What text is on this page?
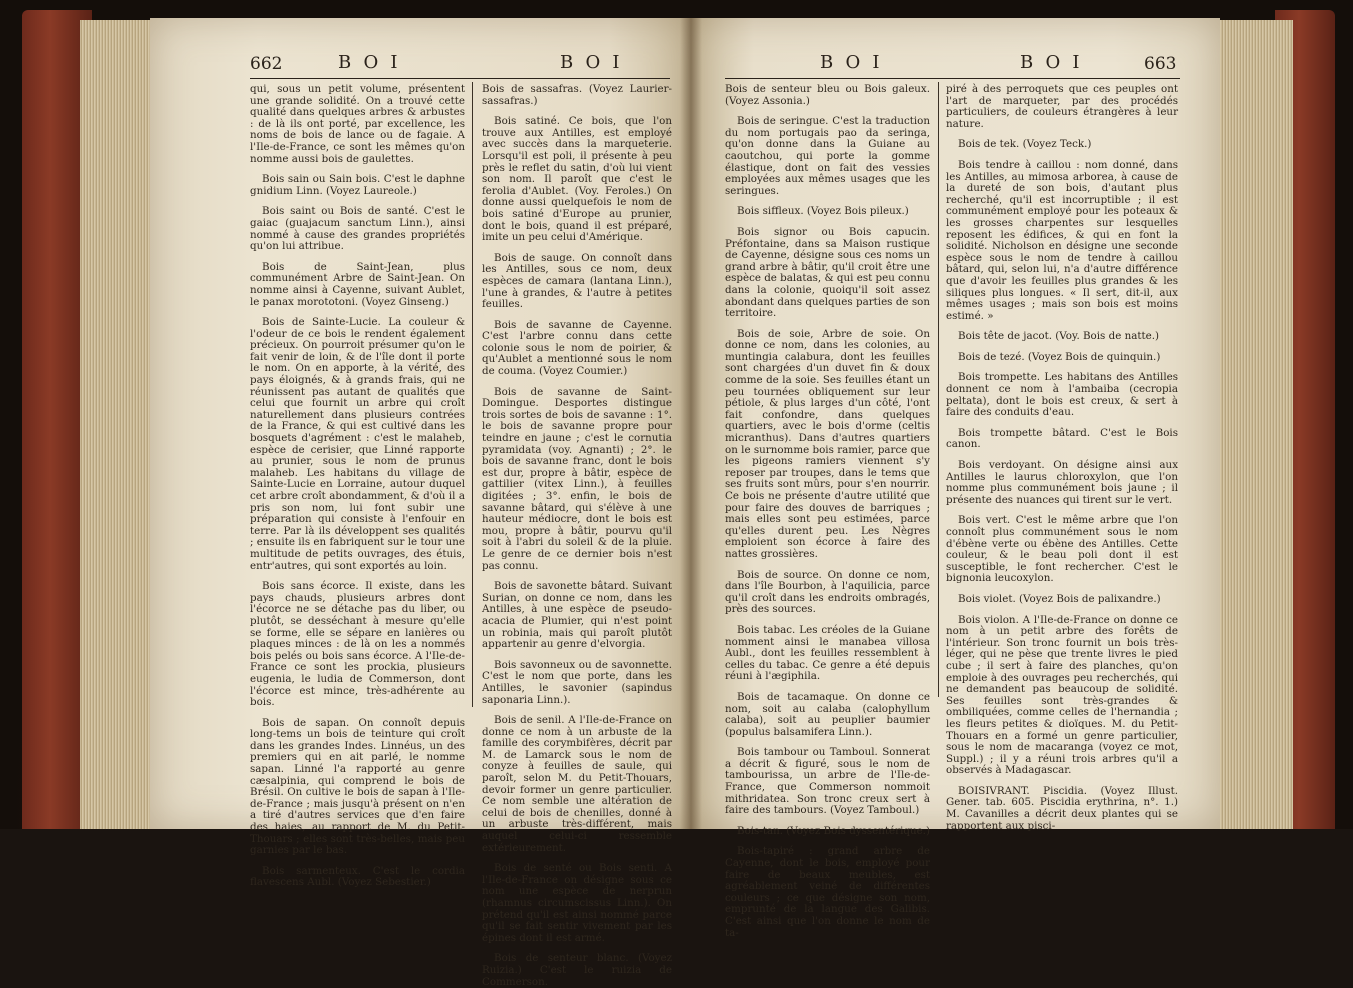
662	BOI	BOI

qui, sous un petit volume, présentent une grande solidité. On a trouvé cette qualité dans quelques arbres & arbustes : de là ils ont porté, par excellence, les noms de bois de lance ou de fagaie. A l'Ile-de-France, ce sont les mêmes qu'on nomme aussi bois de gaulettes.

Bois sain ou Sain bois. C'est le daphne gnidium Linn. (Voyez Laureole.)

Bois saint ou Bois de santé. C'est le gaiac (guajacum sanctum Linn.), ainsi nommé à cause des grandes propriétés qu'on lui attribue.

Bois de Saint-Jean, plus communément Arbre de Saint-Jean. On nomme ainsi à Cayenne, suivant Aublet, le panax morototoni. (Voyez Ginseng.)

Bois de Sainte-Lucie. La couleur & l'odeur de ce bois le rendent également précieux. On pourroit présumer qu'on le fait venir de loin, & de l'île dont il porte le nom. On en apporte, à la vérité, des pays éloignés, & à grands frais, qui ne réunissent pas autant de qualités que celui que fournit un arbre qui croît naturellement dans plusieurs contrées de la France, & qui est cultivé dans les bosquets d'agrément : c'est le malaheb, espèce de cerisier, que Linné rapporte au prunier, sous le nom de prunus malaheb. Les habitans du village de Sainte-Lucie en Lorraine, autour duquel cet arbre croît abondamment, & d'où il a pris son nom, lui font subir une préparation qui consiste à l'enfouir en terre. Par là ils développent ses qualités ; ensuite ils en fabriquent sur le tour une multitude de petits ouvrages, des étuis, entr'autres, qui sont exportés au loin.

Bois sans écorce. Il existe, dans les pays chauds, plusieurs arbres dont l'écorce ne se détache pas du liber, ou plutôt, se desséchant à mesure qu'elle se forme, elle se sépare en lanières ou plaques minces : de là on les a nommés bois pelés ou bois sans écorce. A l'Ile-de-France ce sont les prockia, plusieurs eugenia, le ludia de Commerson, dont l'écorce est mince, très-adhérente au bois.

Bois de sapan. On connoît depuis long-tems un bois de teinture qui croît dans les grandes Indes. Linnéus, un des premiers qui en ait parlé, le nomme sapan. Linné l'a rapporté au genre cæsalpinia, qui comprend le bois de Brésil. On cultive le bois de sapan à l'Ile-de-France ; mais jusqu'à présent on n'en a tiré d'autres services que d'en faire des haies, au rapport de M. du Petit-Thouars ; elles sont très-belles, mais peu garnies par le bas.

Bois sarmenteux. C'est le cordia flavescens Aubl. (Voyez Sebestier.)

Bois de sassafras. (Voyez Laurier-sassafras.)

Bois satiné. Ce bois, que l'on trouve aux Antilles, est employé avec succès dans la marqueterie. Lorsqu'il est poli, il présente à peu près le reflet du satin, d'où lui vient son nom. Il paroît que c'est le ferolia d'Aublet. (Voy. Feroles.) On donne aussi quelquefois le nom de bois satiné d'Europe au prunier, dont le bois, quand il est préparé, imite un peu celui d'Amérique.

Bois de sauge. On connoît dans les Antilles, sous ce nom, deux espèces de camara (lantana Linn.), l'une à grandes, & l'autre à petites feuilles.

Bois de savanne de Cayenne. C'est l'arbre connu dans cette colonie sous le nom de poirier, & qu'Aublet a mentionné sous le nom de couma. (Voyez Coumier.)

Bois de savanne de Saint-Domingue. Desportes distingue trois sortes de bois de savanne : 1°. le bois de savanne propre pour teindre en jaune ; c'est le cornutia pyramidata (voy. Agnanti) ; 2°. le bois de savanne franc, dont le bois est dur, propre à bâtir, espèce de gattilier (vitex Linn.), à feuilles digitées ; 3°. enfin, le bois de savanne bâtard, qui s'élève à une hauteur médiocre, dont le bois est mou, propre à bâtir, pourvu qu'il soit à l'abri du soleil & de la pluie. Le genre de ce dernier bois n'est pas connu.

Bois de savonette bâtard. Suivant Surian, on donne ce nom, dans les Antilles, à une espèce de pseudo-acacia de Plumier, qui n'est point un robinia, mais qui paroît plutôt appartenir au genre d'elvorgia.

Bois savonneux ou de savonnette. C'est le nom que porte, dans les Antilles, le savonier (sapindus saponaria Linn.).

Bois de senil. A l'Ile-de-France on donne ce nom à un arbuste de la famille des corymbifères, décrit par M. de Lamarck sous le nom de conyze à feuilles de saule, qui paroît, selon M. du Petit-Thouars, devoir former un genre particulier. Ce nom semble une altération de celui de bois de chenilles, donné à un arbuste très-différent, mais auquel celui-ci ressemble extérieurement.

Bois de senté ou Bois senti. A l'Ile-de-France on désigne sous ce nom une espèce de nerprun (rhamnus circumscissus Linn.). On prétend qu'il est ainsi nommé parce qu'il se fait sentir vivement par les épines dont il est armé.

Bois de senteur blanc. (Voyez Ruizia.) C'est le ruizia de Commerson.

BOI	BOI	663

Bois de senteur bleu ou Bois galeux. (Voyez Assonia.)

Bois de seringue. C'est la traduction du nom portugais pao da seringa, qu'on donne dans la Guiane au caoutchou, qui porte la gomme élastique, dont on fait des vessies employées aux mêmes usages que les seringues.

Bois siffleux. (Voyez Bois pileux.)

Bois signor ou Bois capucin. Préfontaine, dans sa Maison rustique de Cayenne, désigne sous ces noms un grand arbre à bâtir, qu'il croit être une espèce de balatas, & qui est peu connu dans la colonie, quoiqu'il soit assez abondant dans quelques parties de son territoire.

Bois de soie, Arbre de soie. On donne ce nom, dans les colonies, au muntingia calabura, dont les feuilles sont chargées d'un duvet fin & doux comme de la soie. Ses feuilles étant un peu tournées obliquement sur leur pétiole, & plus larges d'un côté, l'ont fait confondre, dans quelques quartiers, avec le bois d'orme (celtis micranthus). Dans d'autres quartiers on le surnomme bois ramier, parce que les pigeons ramiers viennent s'y reposer par troupes, dans le tems que ses fruits sont mûrs, pour s'en nourrir. Ce bois ne présente d'autre utilité que pour faire des douves de barriques ; mais elles sont peu estimées, parce qu'elles durent peu. Les Nègres emploient son écorce à faire des nattes grossières.

Bois de source. On donne ce nom, dans l'île Bourbon, à l'aquilicia, parce qu'il croît dans les endroits ombragés, près des sources.

Bois tabac. Les créoles de la Guiane nomment ainsi le manabea villosa Aubl., dont les feuilles ressemblent à celles du tabac. Ce genre a été depuis réuni à l'ægiphila.

Bois de tacamaque. On donne ce nom, soit au calaba (calophyllum calaba), soit au peuplier baumier (populus balsamifera Linn.).

Bois tambour ou Tamboul. Sonnerat a décrit & figuré, sous le nom de tambourissa, un arbre de l'Ile-de-France, que Commerson nommoit mithridatea. Son tronc creux sert à faire des tambours. (Voyez Tamboul.)

Bois-tan. (Voyez Bois dyssentérique.)

Bois-tapiré : grand arbre de Cayenne, dont le bois, employé pour faire de beaux meubles, est agréablement veiné de différentes couleurs ; ce que désigne son nom, emprunté de la langue des Galibis. C'est ainsi que l'on donne le nom de ta-

piré à des perroquets que ces peuples ont l'art de marqueter, par des procédés particuliers, de couleurs étrangères à leur nature.

Bois de tek. (Voyez Teck.)

Bois tendre à caillou : nom donné, dans les Antilles, au mimosa arborea, à cause de la dureté de son bois, d'autant plus recherché, qu'il est incorruptible ; il est communément employé pour les poteaux & les grosses charpentes sur lesquelles reposent les édifices, & qui en font la solidité. Nicholson en désigne une seconde espèce sous le nom de tendre à caillou bâtard, qui, selon lui, n'a d'autre différence que d'avoir les feuilles plus grandes & les siliques plus longues. « Il sert, dit-il, aux mêmes usages ; mais son bois est moins estimé. »

Bois tête de jacot. (Voy. Bois de natte.)

Bois de tezé. (Voyez Bois de quinquin.)

Bois trompette. Les habitans des Antilles donnent ce nom à l'ambaiba (cecropia peltata), dont le bois est creux, & sert à faire des conduits d'eau.

Bois trompette bâtard. C'est le Bois canon.

Bois verdoyant. On désigne ainsi aux Antilles le laurus chloroxylon, que l'on nomme plus communément bois jaune ; il présente des nuances qui tirent sur le vert.

Bois vert. C'est le même arbre que l'on connoît plus communément sous le nom d'ébène verte ou ébène des Antilles. Cette couleur, & le beau poli dont il est susceptible, le font rechercher. C'est le bignonia leucoxylon.

Bois violet. (Voyez Bois de palixandre.)

Bois violon. A l'Ile-de-France on donne ce nom à un petit arbre des forêts de l'intérieur. Son tronc fournit un bois très-léger, qui ne pèse que trente livres le pied cube ; il sert à faire des planches, qu'on emploie à des ouvrages peu recherchés, qui ne demandent pas beaucoup de solidité. Ses feuilles sont très-grandes & ombiliquées, comme celles de l'hernandia ; les fleurs petites & dioïques. M. du Petit-Thouars en a formé un genre particulier, sous le nom de macaranga (voyez ce mot, Suppl.) ; il y a réuni trois arbres qu'il a observés à Madagascar.

BOISIVRANT. Piscidia. (Voyez Illust. Gener. tab. 605. Piscidia erythrina, n°. 1.) M. Cavanilles a décrit deux plantes qui se rapportent aux pisci-
